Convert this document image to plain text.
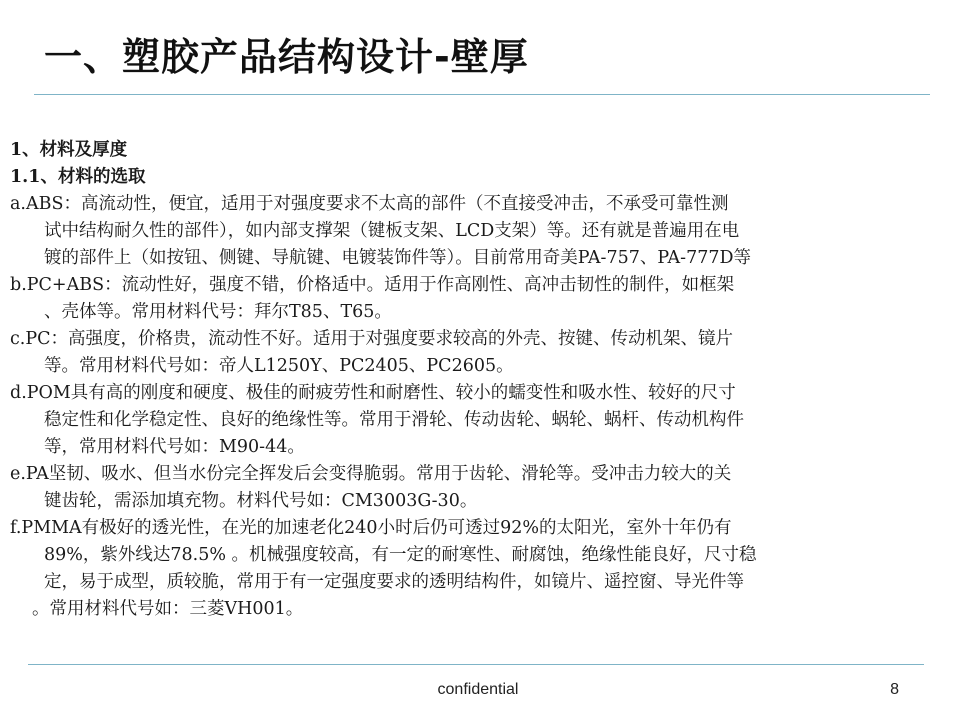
一、塑胶产品结构设计-壁厚
1、材料及厚度
1.1、材料的选取
a.ABS：高流动性，便宜，适用于对强度要求不太高的部件（不直接受冲击，不承受可靠性测
试中结构耐久性的部件），如内部支撑架（键板支架、LCD支架）等。还有就是普遍用在电
镀的部件上（如按钮、侧键、导航键、电镀装饰件等）。目前常用奇美PA-757、PA-777D等
b.PC+ABS：流动性好，强度不错，价格适中。适用于作高刚性、高冲击韧性的制件，如框架
、壳体等。常用材料代号：拜尔T85、T65。
c.PC：高强度，价格贵，流动性不好。适用于对强度要求较高的外壳、按键、传动机架、镜片
等。常用材料代号如：帝人L1250Y、PC2405、PC2605。
d.POM具有高的刚度和硬度、极佳的耐疲劳性和耐磨性、较小的蠕变性和吸水性、较好的尺寸
稳定性和化学稳定性、良好的绝缘性等。常用于滑轮、传动齿轮、蜗轮、蜗杆、传动机构件
等，常用材料代号如：M90-44。
e.PA坚韧、吸水、但当水份完全挥发后会变得脆弱。常用于齿轮、滑轮等。受冲击力较大的关
键齿轮，需添加填充物。材料代号如：CM3003G-30。
f.PMMA有极好的透光性，在光的加速老化240小时后仍可透过92%的太阳光，室外十年仍有
89%，紫外线达78.5% 。机械强度较高，有一定的耐寒性、耐腐蚀，绝缘性能良好，尺寸稳
定，易于成型，质较脆，常用于有一定强度要求的透明结构件，如镜片、遥控窗、导光件等
。常用材料代号如：三菱VH001。
confidential	8
